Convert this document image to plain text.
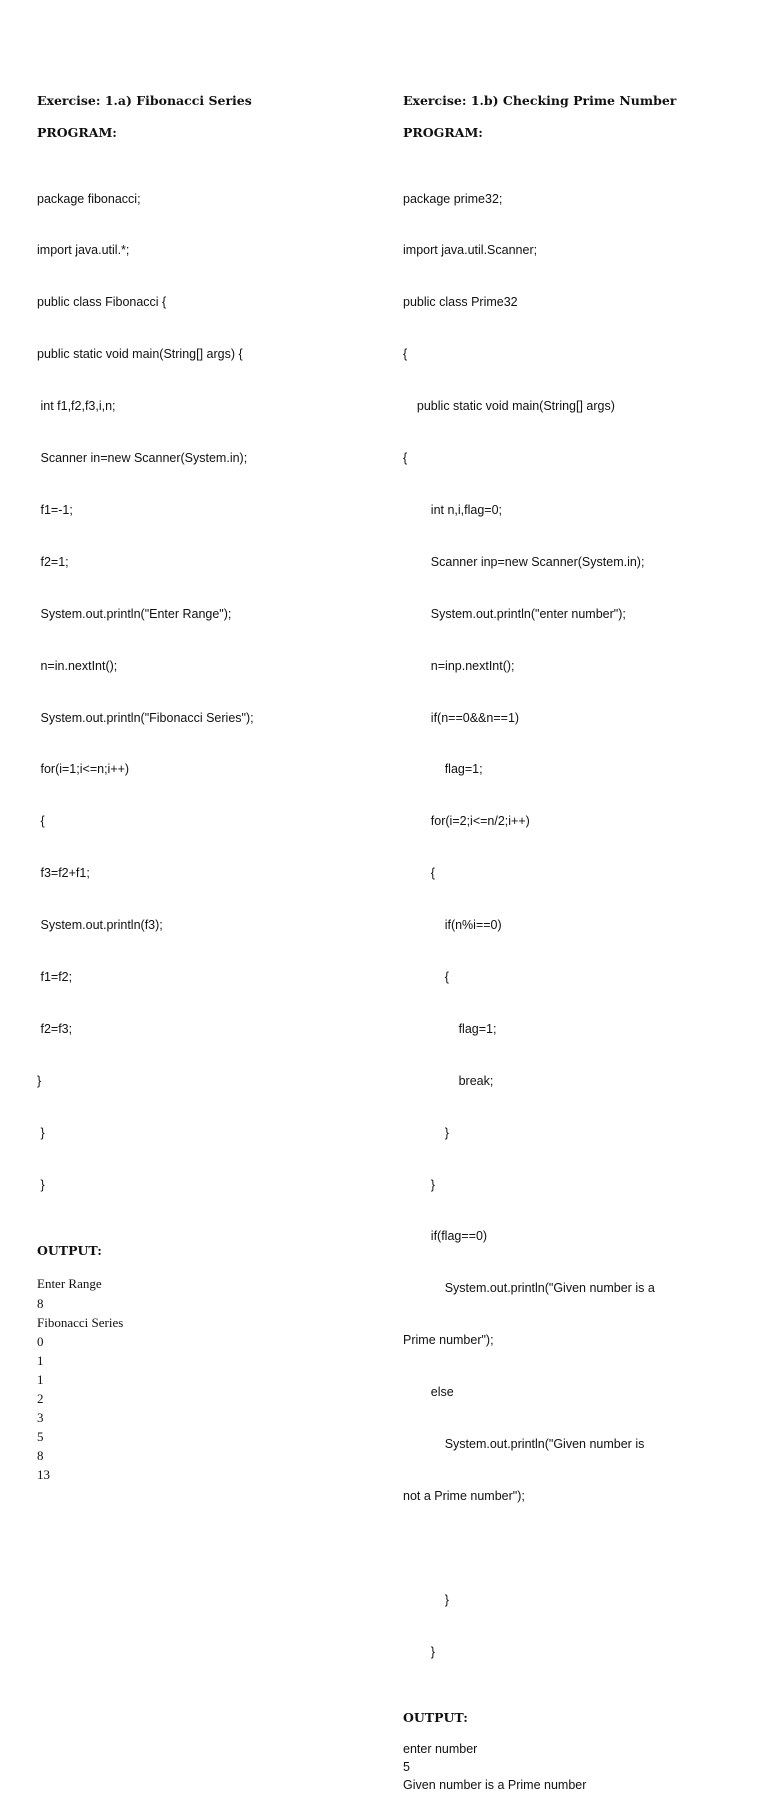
Exercise: 1.a) Fibonacci Series

PROGRAM:

package fibonacci;

import java.util.*;

public class Fibonacci {

public static void main(String[] args) {

int f1,f2,f3,i,n;

Scanner in=new Scanner(System.in);

f1=-1;

f2=1;

System.out.println("Enter Range");

n=in.nextInt();

System.out.println("Fibonacci Series");

for(i=1;i<=n;i++)

{

f3=f2+f1;

System.out.println(f3);

f1=f2;

f2=f3;

}

}

}

OUTPUT:

Enter Range
8
Fibonacci Series
0
1
1
2
3
5
8
13

Exercise: 1.b) Checking Prime Number

PROGRAM:

package prime32;

import java.util.Scanner;

public class Prime32

{

public static void main(String[] args)

{

int n,i,flag=0;

Scanner inp=new Scanner(System.in);

System.out.println("enter number");

n=inp.nextInt();

if(n==0&&n==1)

flag=1;

for(i=2;i<=n/2;i++)

{

if(n%i==0)

{

flag=1;

break;

}

}

if(flag==0)

System.out.println("Given number is a

Prime number");

else

System.out.println("Given number is

not a Prime number");

}

}

OUTPUT:

enter number
5
Given number is a Prime number
